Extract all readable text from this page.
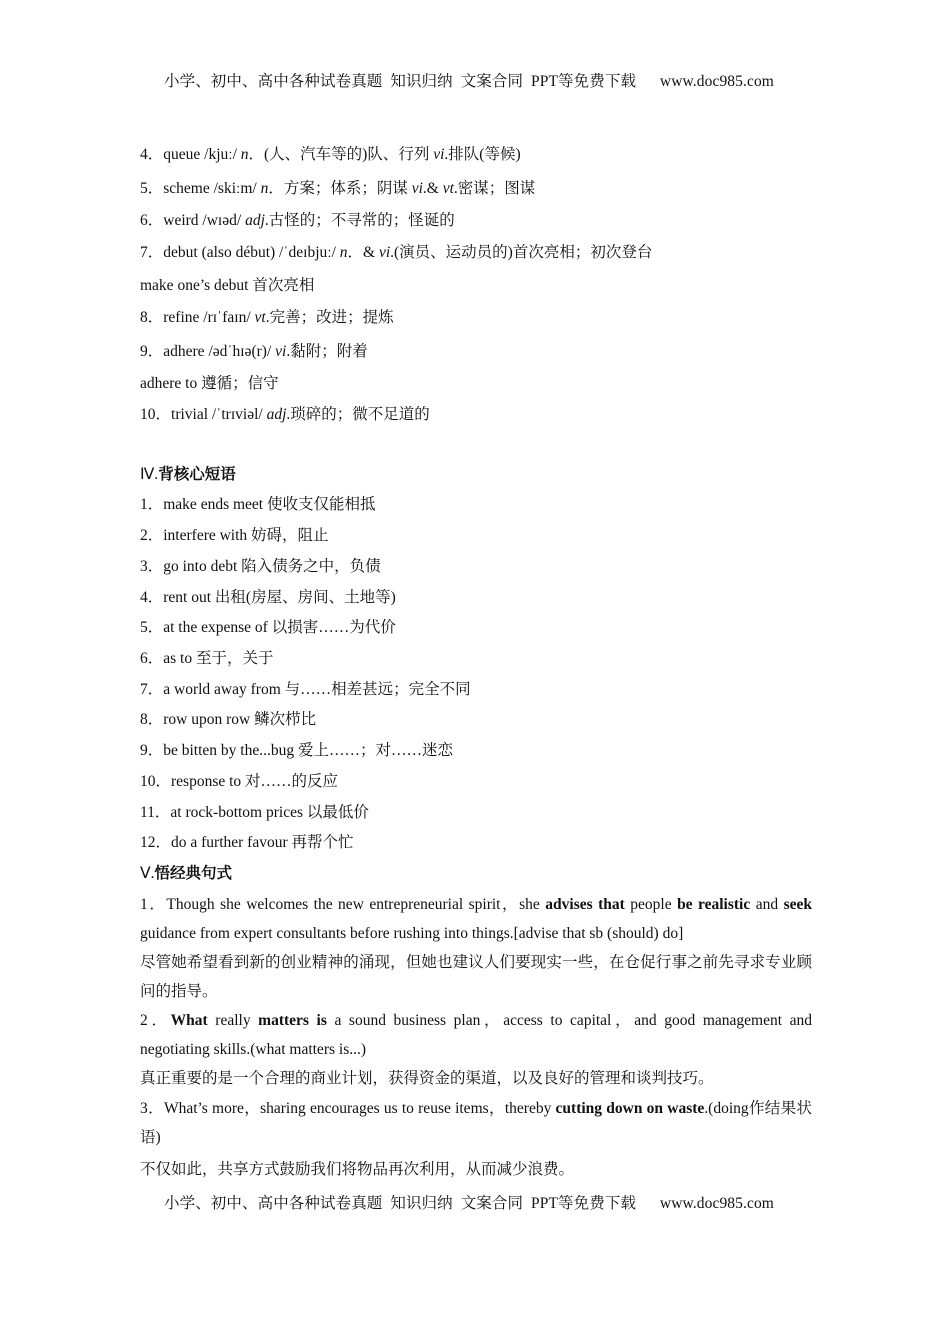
小学、初中、高中各种试卷真题  知识归纳  文案合同  PPT等免费下载      www.doc985.com
4．queue /kjuː/ n．(人、汽车等的)队、行列 vi.排队(等候)
5．scheme /skiːm/ n．方案；体系；阴谋 vi.& vt.密谋；图谋
6．weird /wɪəd/ adj.古怪的；不寻常的；怪诞的
7．debut (also début) /ˈdeɪbjuː/ n．& vi.(演员、运动员的)首次亮相；初次登台
make one’s debut 首次亮相
8．refine /rɪˈfaɪn/ vt.完善；改进；提炼
9．adhere /ədˈhɪə(r)/ vi.黏附；附着
adhere to 遵循；信守
10．trivial /ˈtrɪviəl/ adj.琐碎的；微不足道的
Ⅳ.背核心短语
1．make ends meet 使收支仅能相抵
2．interfere with 妨碍，阻止
3．go into debt 陷入债务之中，负债
4．rent out 出租(房屋、房间、土地等)
5．at the expense of 以损害……为代价
6．as to 至于，关于
7．a world away from 与……相差甚远；完全不同
8．row upon row 鳞次栉比
9．be bitten by the...bug 爱上……；对……迷恋
10．response to 对……的反应
11．at rock-bottom prices 以最低价
12．do a further favour 再帮个忙
Ⅴ.悟经典句式
1．Though she welcomes the new entrepreneurial spirit，she advises that people be realistic and seek guidance from expert consultants before rushing into things.[advise that sb (should) do]
尽管她希望看到新的创业精神的涌现，但她也建议人们要现实一些，在仓促行事之前先寻求专业顾问的指导。
2．What really matters is a sound business plan，access to capital，and good management and negotiating skills.(what matters is...)
真正重要的是一个合理的商业计划，获得资金的渠道，以及良好的管理和谈判技巧。
3．What’s more，sharing encourages us to reuse items，thereby cutting down on waste.(doing作结果状语)
不仅如此，共享方式鼓励我们将物品再次利用，从而减少浪费。
小学、初中、高中各种试卷真题  知识归纳  文案合同  PPT等免费下载      www.doc985.com
